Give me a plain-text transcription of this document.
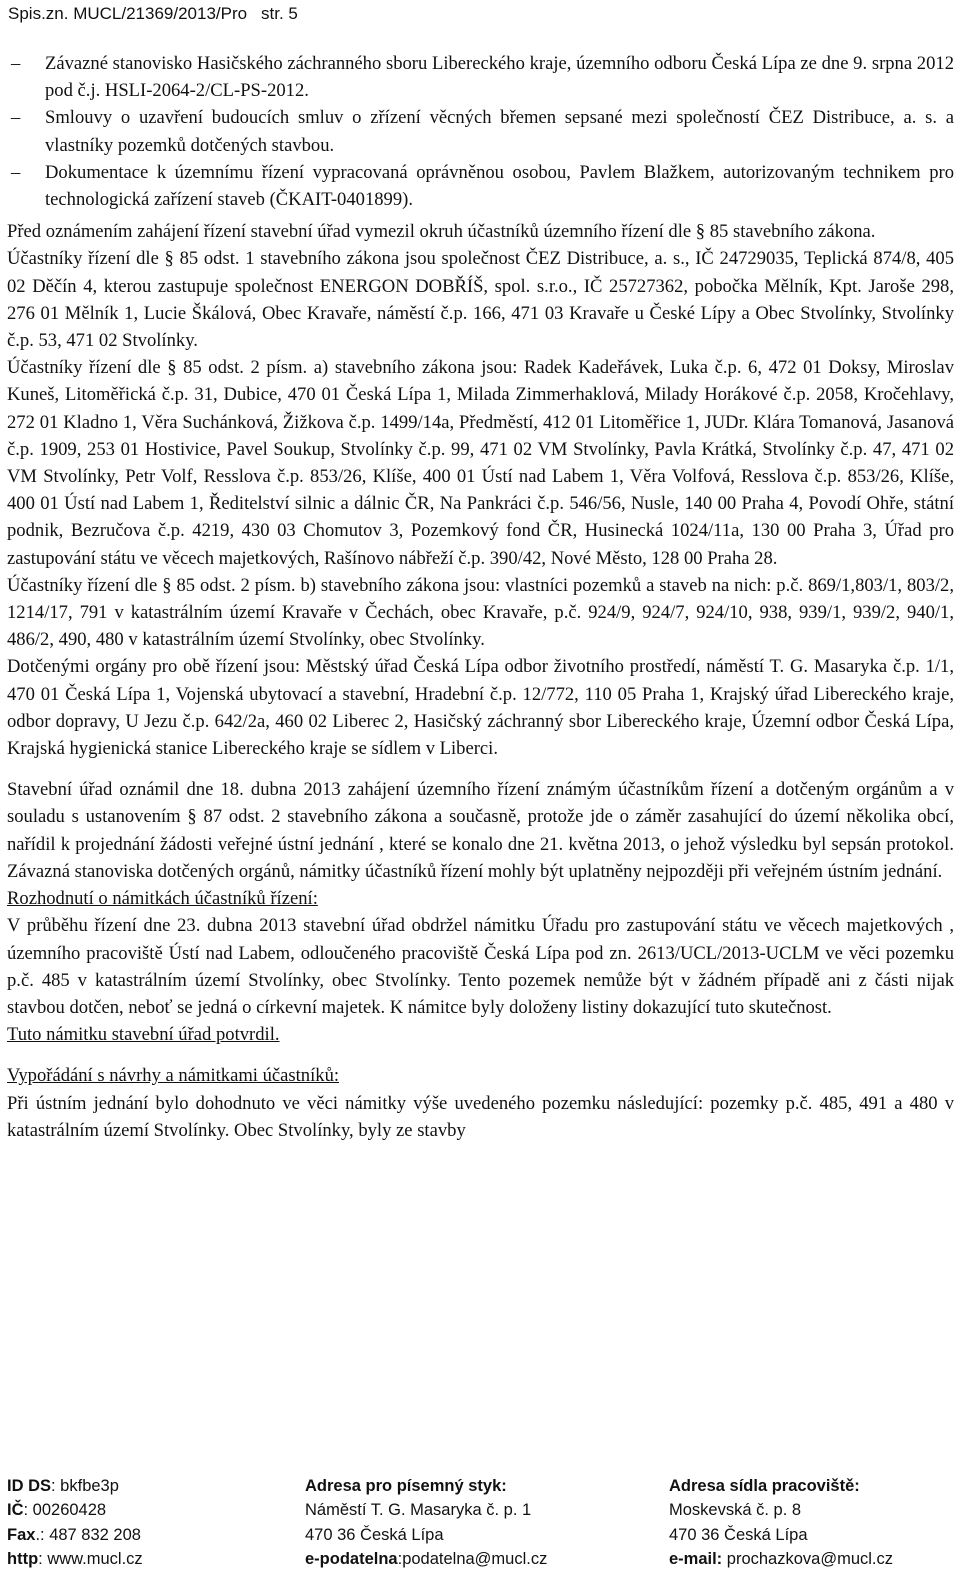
Spis.zn. MUCL/21369/2013/Pro str. 5
–	Závazné stanovisko Hasičského záchranného sboru Libereckého kraje, územního odboru Česká Lípa ze dne 9. srpna 2012 pod č.j. HSLI-2064-2/CL-PS-2012.
–	Smlouvy o uzavření budoucích smluv o zřízení věcných břemen sepsané mezi společností ČEZ Distribuce, a. s. a vlastníky pozemků dotčených stavbou.
–	Dokumentace k územnímu řízení vypracovaná oprávněnou osobou, Pavlem Blažkem, autorizovaným technikem pro technologická zařízení staveb (ČKAIT-0401899).

Před oznámením zahájení řízení stavební úřad vymezil okruh účastníků územního řízení dle § 85 stavebního zákona.

Účastníky řízení dle § 85 odst. 1 stavebního zákona jsou společnost ČEZ Distribuce, a. s., IČ 24729035, Teplická 874/8, 405 02 Děčín 4, kterou zastupuje společnost ENERGON DOBŘÍŠ, spol. s.r.o., IČ 25727362, pobočka Mělník, Kpt. Jaroše 298, 276 01 Mělník 1, Lucie Škálová, Obec Kravaře, náměstí č.p. 166, 471 03 Kravaře u České Lípy a Obec Stvolínky, Stvolínky č.p. 53, 471 02 Stvolínky.

Účastníky řízení dle § 85 odst. 2 písm. a) stavebního zákona jsou: Radek Kadeřávek, Luka č.p. 6, 472 01 Doksy, Miroslav Kuneš, Litoměřická č.p. 31, Dubice, 470 01 Česká Lípa 1, Milada Zimmerhaklová, Milady Horákové č.p. 2058, Kročehlavy, 272 01 Kladno 1, Věra Suchánková, Žižkova č.p. 1499/14a, Předměstí, 412 01 Litoměřice 1, JUDr. Klára Tomanová, Jasanová č.p. 1909, 253 01 Hostivice, Pavel Soukup, Stvolínky č.p. 99, 471 02 VM Stvolínky, Pavla Krátká, Stvolínky č.p. 47, 471 02 VM Stvolínky, Petr Volf, Resslova č.p. 853/26, Klíše, 400 01 Ústí nad Labem 1, Věra Volfová, Resslova č.p. 853/26, Klíše, 400 01 Ústí nad Labem 1, Ředitelství silnic a dálnic ČR, Na Pankráci č.p. 546/56, Nusle, 140 00 Praha 4, Povodí Ohře, státní podnik, Bezručova č.p. 4219, 430 03 Chomutov 3, Pozemkový fond ČR, Husinecká 1024/11a, 130 00 Praha 3, Úřad pro zastupování státu ve věcech majetkových, Rašínovo nábřeží č.p. 390/42, Nové Město, 128 00 Praha 28.

Účastníky řízení dle § 85 odst. 2 písm. b) stavebního zákona jsou: vlastníci pozemků a staveb na nich: p.č. 869/1,803/1, 803/2, 1214/17, 791 v katastrálním území Kravaře v Čechách, obec Kravaře, p.č. 924/9, 924/7, 924/10, 938, 939/1, 939/2, 940/1, 486/2, 490, 480 v katastrálním území Stvolínky, obec Stvolínky.

Dotčenými orgány pro obě řízení jsou: Městský úřad Česká Lípa odbor životního prostředí, náměstí T. G. Masaryka č.p. 1/1, 470 01 Česká Lípa 1, Vojenská ubytovací a stavební, Hradební č.p. 12/772, 110 05 Praha 1, Krajský úřad Libereckého kraje, odbor dopravy, U Jezu č.p. 642/2a, 460 02 Liberec 2, Hasičský záchranný sbor Libereckého kraje, Územní odbor Česká Lípa, Krajská hygienická stanice Libereckého kraje se sídlem v Liberci.

Stavební úřad oznámil dne 18. dubna 2013 zahájení územního řízení známým účastníkům řízení a dotčeným orgánům a v souladu s ustanovením § 87 odst. 2 stavebního zákona a současně, protože jde o záměr zasahující do území několika obcí, nařídil k projednání žádosti veřejné ústní jednání , které se konalo dne 21. května 2013, o jehož výsledku byl sepsán protokol. Závazná stanoviska dotčených orgánů, námitky účastníků řízení mohly být uplatněny nejpozději při veřejném ústním jednání.

Rozhodnutí o námitkách účastníků řízení:

V průběhu řízení dne 23. dubna 2013 stavební úřad obdržel námitku Úřadu pro zastupování státu ve věcech majetkových , územního pracoviště Ústí nad Labem, odloučeného pracoviště Česká Lípa pod zn. 2613/UCL/2013-UCLM ve věci pozemku p.č. 485 v katastrálním území Stvolínky, obec Stvolínky. Tento pozemek nemůže být v žádném případě ani z části nijak stavbou dotčen, neboť se jedná o církevní majetek. K námitce byly doloženy listiny dokazující tuto skutečnost.

Tuto námitku stavební úřad potvrdil.

Vypořádání s návrhy a námitkami účastníků:

Při ústním jednání bylo dohodnuto ve věci námitky výše uvedeného pozemku následující: pozemky p.č. 485, 491 a 480 v katastrálním území Stvolínky. Obec Stvolínky, byly ze stavby

ID DS: bkfbe3p
IČ: 00260428
Fax.: 487 832 208
http: www.mucl.cz
Adresa pro písemný styk:
Náměstí T. G. Masaryka č. p. 1
470 36 Česká Lípa
e-podatelna:podatelna@mucl.cz
Adresa sídla pracoviště:
Moskevská č. p. 8
470 36 Česká Lípa
e-mail: prochazkova@mucl.cz
